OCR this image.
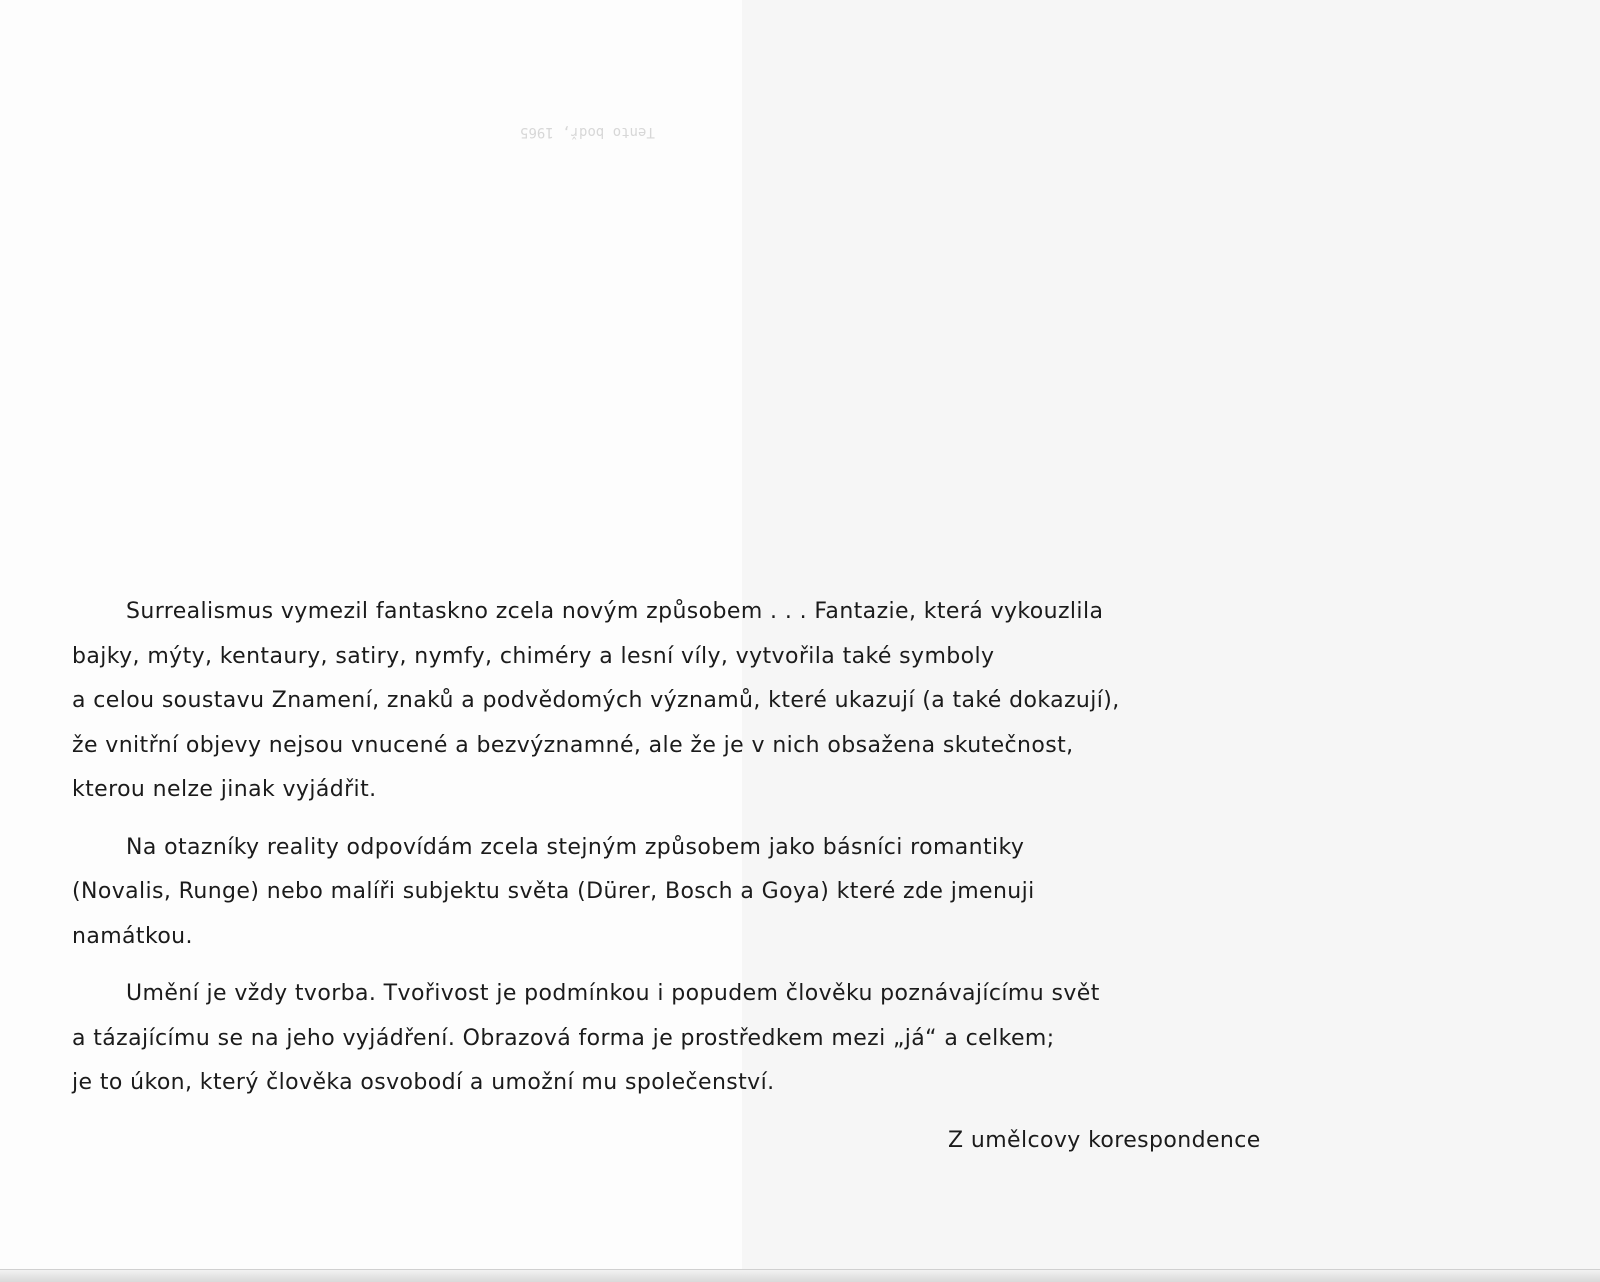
Tento bodř, 1965
Surrealismus vymezil fantaskno zcela novým způsobem . . . Fantazie, která vykouzlila
bajky, mýty, kentaury, satiry, nymfy, chiméry a lesní víly, vytvořila také symboly
a celou soustavu Znamení, znaků a podvědomých významů, které ukazují (a také dokazují),
že vnitřní objevy nejsou vnucené a bezvýznamné, ale že je v nich obsažena skutečnost,
kterou nelze jinak vyjádřit.
Na otazníky reality odpovídám zcela stejným způsobem jako básníci romantiky
(Novalis, Runge) nebo malíři subjektu světa (Dürer, Bosch a Goya) které zde jmenuji
namátkou.
Umění je vždy tvorba. Tvořivost je podmínkou i popudem člověku poznávajícímu svět
a tázajícímu se na jeho vyjádření. Obrazová forma je prostředkem mezi „já“ a celkem;
je to úkon, který člověka osvobodí a umožní mu společenství.
Z umělcovy korespondence
